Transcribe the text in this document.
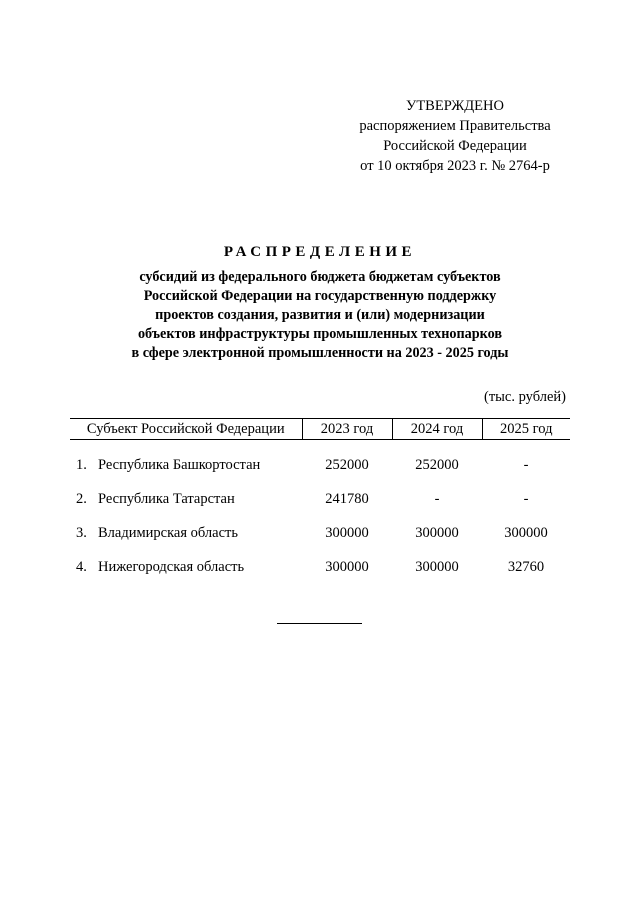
УТВЕРЖДЕНО
распоряжением Правительства
Российской Федерации
от 10 октября 2023 г. № 2764-р
РАСПРЕДЕЛЕНИЕ
субсидий из федерального бюджета бюджетам субъектов
Российской Федерации на государственную поддержку
проектов создания, развития и (или) модернизации
объектов инфраструктуры промышленных технопарков
в сфере электронной промышленности на 2023 - 2025 годы
(тыс. рублей)
Субъект Российской Федерации	2023 год	2024 год	2025 год
1. Республика Башкортостан	252000	252000	-
2. Республика Татарстан	241780	-	-
3. Владимирская область	300000	300000	300000
4. Нижегородская область	300000	300000	32760
